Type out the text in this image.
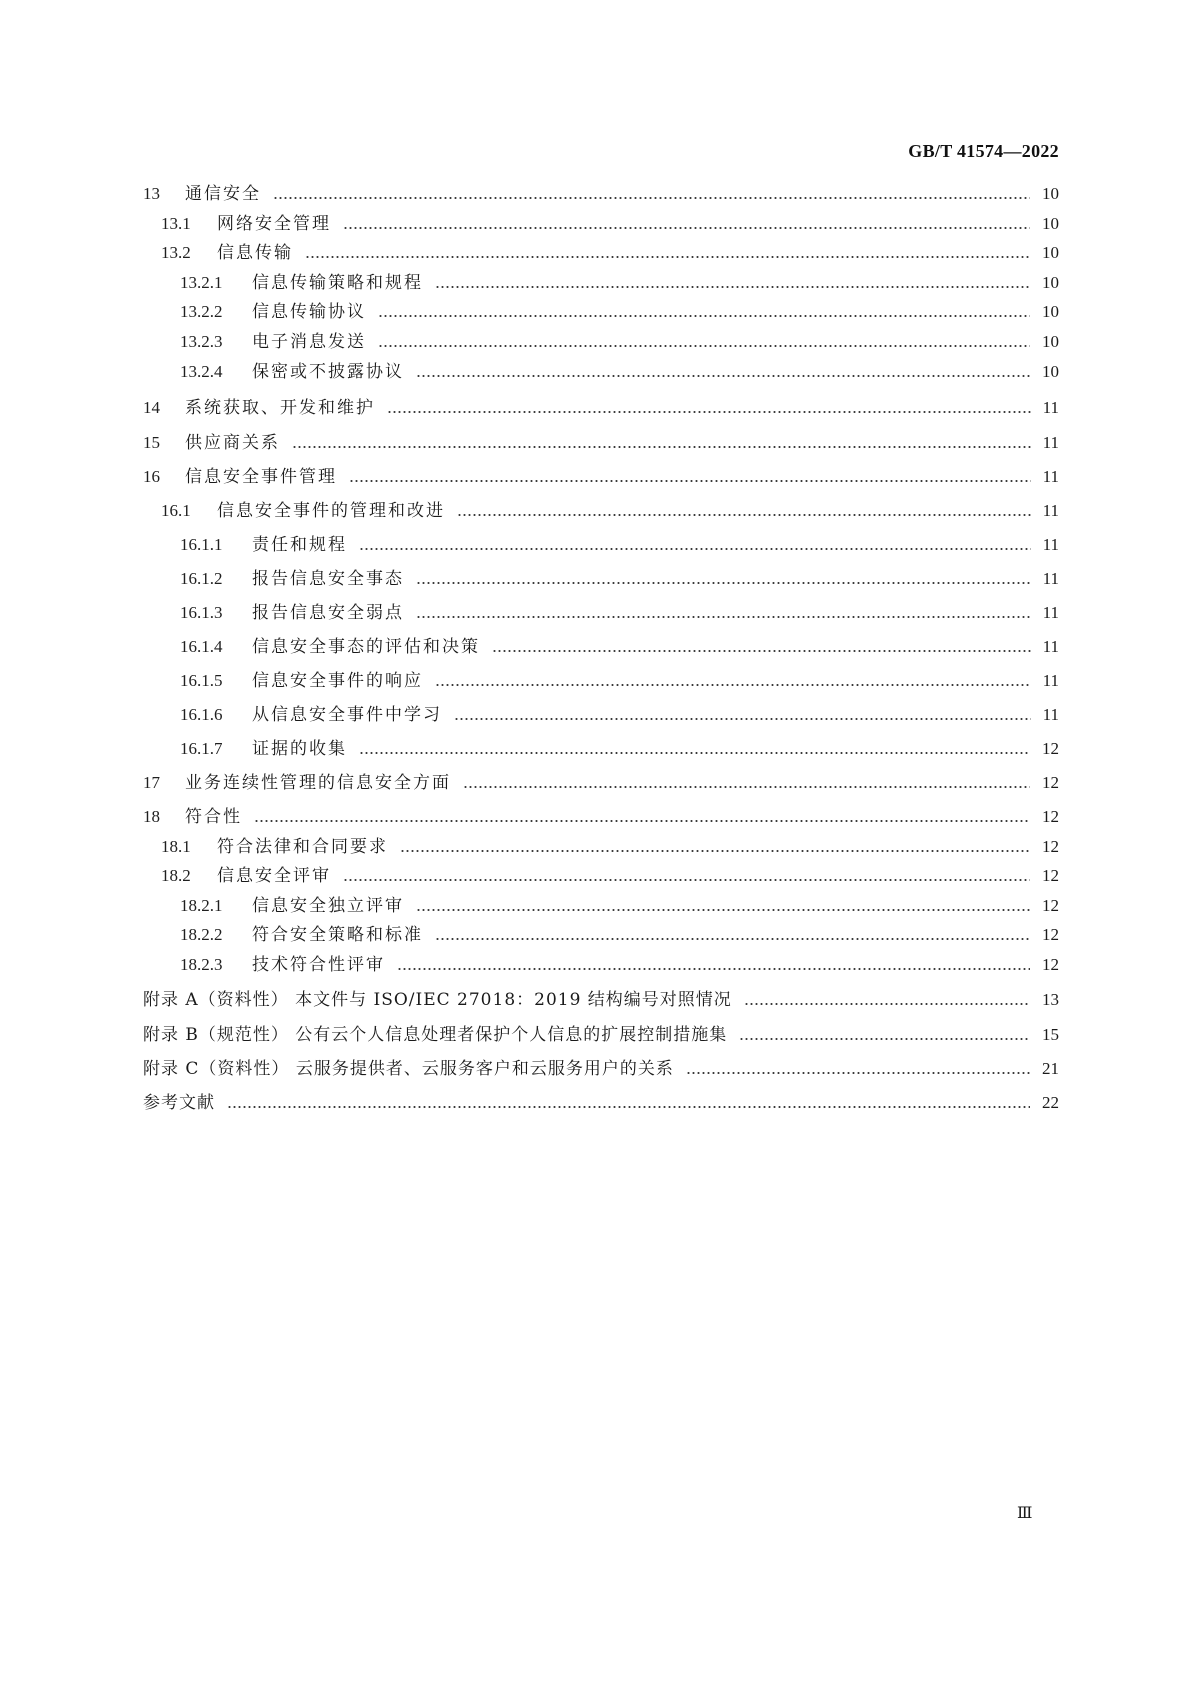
GB/T 41574—2022
13	通信安全	10
13.1	网络安全管理	10
13.2	信息传输	10
13.2.1	信息传输策略和规程	10
13.2.2	信息传输协议	10
13.2.3	电子消息发送	10
13.2.4	保密或不披露协议	10
14	系统获取、开发和维护	11
15	供应商关系	11
16	信息安全事件管理	11
16.1	信息安全事件的管理和改进	11
16.1.1	责任和规程	11
16.1.2	报告信息安全事态	11
16.1.3	报告信息安全弱点	11
16.1.4	信息安全事态的评估和决策	11
16.1.5	信息安全事件的响应	11
16.1.6	从信息安全事件中学习	11
16.1.7	证据的收集	12
17	业务连续性管理的信息安全方面	12
18	符合性	12
18.1	符合法律和合同要求	12
18.2	信息安全评审	12
18.2.1	信息安全独立评审	12
18.2.2	符合安全策略和标准	12
18.2.3	技术符合性评审	12
附录 A（资料性） 本文件与 ISO/IEC 27018：2019 结构编号对照情况	13
附录 B（规范性） 公有云个人信息处理者保护个人信息的扩展控制措施集	15
附录 C（资料性） 云服务提供者、云服务客户和云服务用户的关系	21
参考文献	22
Ⅲ
